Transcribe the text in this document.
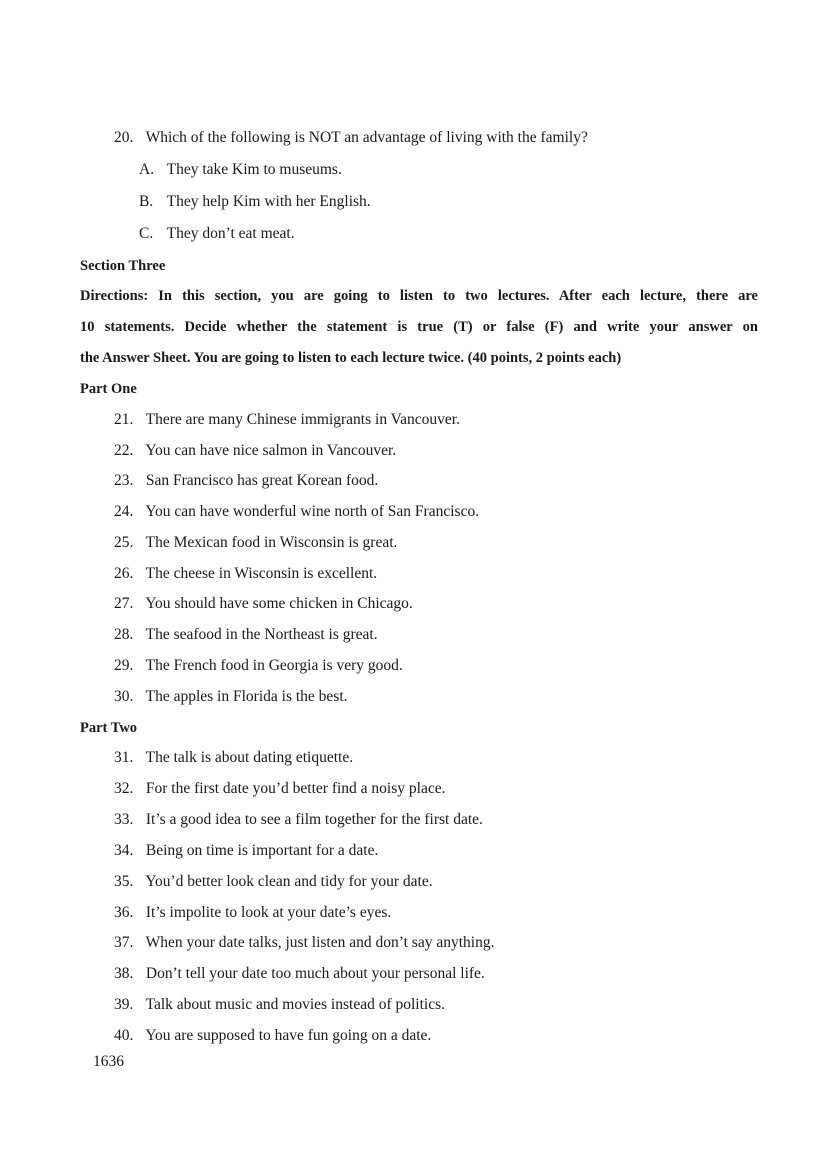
20. Which of the following is NOT an advantage of living with the family?
A. They take Kim to museums.
B. They help Kim with her English.
C. They don’t eat meat.
Section Three
Directions: In this section, you are going to listen to two lectures. After each lecture, there are
10 statements. Decide whether the statement is true (T) or false (F) and write your answer on
the Answer Sheet. You are going to listen to each lecture twice. (40 points, 2 points each)
Part One
21. There are many Chinese immigrants in Vancouver.
22. You can have nice salmon in Vancouver.
23. San Francisco has great Korean food.
24. You can have wonderful wine north of San Francisco.
25. The Mexican food in Wisconsin is great.
26. The cheese in Wisconsin is excellent.
27. You should have some chicken in Chicago.
28. The seafood in the Northeast is great.
29. The French food in Georgia is very good.
30. The apples in Florida is the best.
Part Two
31. The talk is about dating etiquette.
32. For the first date you’d better find a noisy place.
33. It’s a good idea to see a film together for the first date.
34. Being on time is important for a date.
35. You’d better look clean and tidy for your date.
36. It’s impolite to look at your date’s eyes.
37. When your date talks, just listen and don’t say anything.
38. Don’t tell your date too much about your personal life.
39. Talk about music and movies instead of politics.
40. You are supposed to have fun going on a date.
1636
